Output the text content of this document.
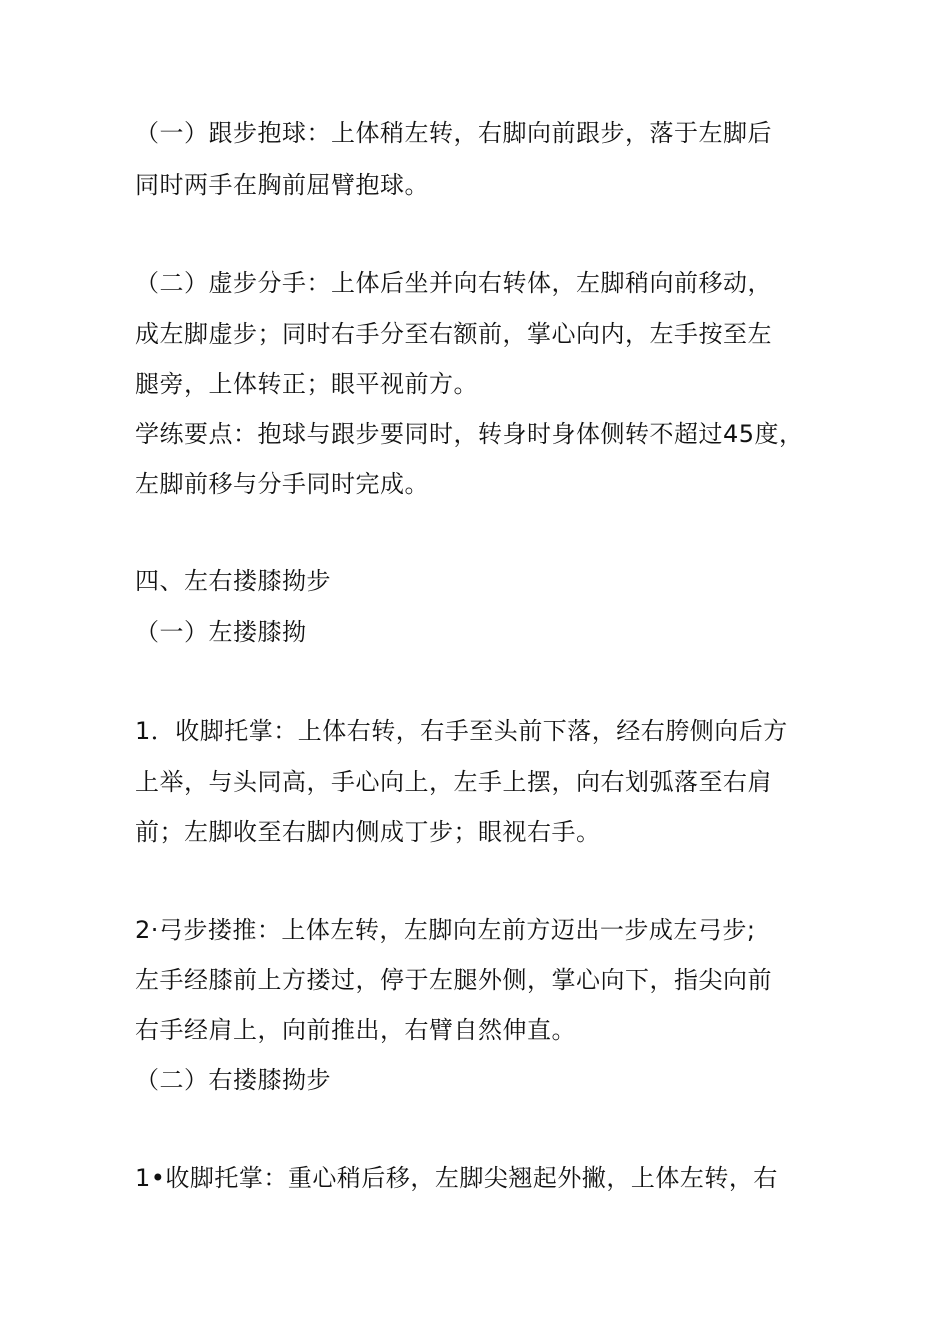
（一）跟步抱球：上体稍左转，右脚向前跟步，落于左脚后
同时两手在胸前屈臂抱球。
（二）虚步分手：上体后坐并向右转体，左脚稍向前移动，
成左脚虚步；同时右手分至右额前，掌心向内，左手按至左
腿旁，上体转正；眼平视前方。
学练要点：抱球与跟步要同时，转身时身体侧转不超过45度，
左脚前移与分手同时完成。
四、左右搂膝拗步
（一）左搂膝拗
1．收脚托掌：上体右转，右手至头前下落，经右胯侧向后方
上举，与头同高，手心向上，左手上摆，向右划弧落至右肩
前；左脚收至右脚内侧成丁步；眼视右手。
2·弓步搂推：上体左转，左脚向左前方迈出一步成左弓步;
左手经膝前上方搂过，停于左腿外侧，掌心向下，指尖向前
右手经肩上，向前推出，右臂自然伸直。
（二）右搂膝拗步
1•收脚托掌：重心稍后移，左脚尖翘起外撇，上体左转，右
